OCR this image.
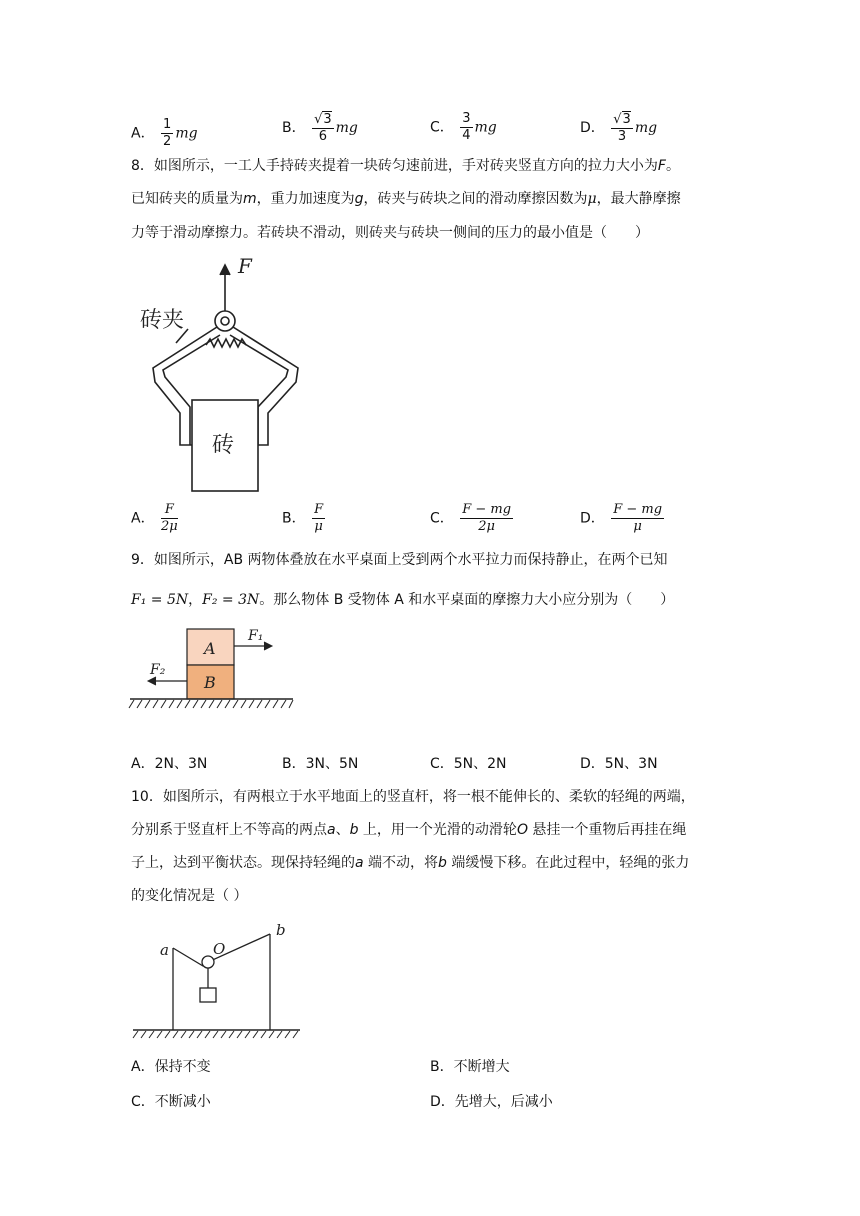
A． $\frac{1}{2}$ mg	B． $\frac{√3}{6}$ mg	C． $\frac{3}{4}$ mg	D． $\frac{√3}{3}$ mg
8．如图所示，一工人手持砖夹提着一块砖匀速前进，手对砖夹竖直方向的拉力大小为F。
已知砖夹的质量为m，重力加速度为g，砖夹与砖块之间的滑动摩擦因数为μ，最大静摩擦
力等于滑动摩擦力。若砖块不滑动，则砖夹与砖块一侧间的压力的最小值是（　　）
F
砖夹
砖
A． $\frac{F}{2\mu}$	B． $\frac{F}{\mu}$	C． $\frac{F - mg}{2\mu}$	D． $\frac{F - mg}{\mu}$
9．如图所示，AB 两物体叠放在水平桌面上受到两个水平拉力而保持静止，在两个已知
F₁ = 5N，F₂ = 3N。那么物体 B 受物体 A 和水平桌面的摩擦力大小应分别为（　　）
A
B
F₁
F₂
A．2N、3N	B．3N、5N	C．5N、2N	D．5N、3N
10．如图所示，有两根立于水平地面上的竖直杆，将一根不能伸长的、柔软的轻绳的两端，
分别系于竖直杆上不等高的两点a、b 上，用一个光滑的动滑轮O 悬挂一个重物后再挂在绳
子上，达到平衡状态。现保持轻绳的a 端不动，将b 端缓慢下移。在此过程中，轻绳的张力
的变化情况是（ ）
a
b
O
A．保持不变	B．不断增大
C．不断减小	D．先增大，后减小
